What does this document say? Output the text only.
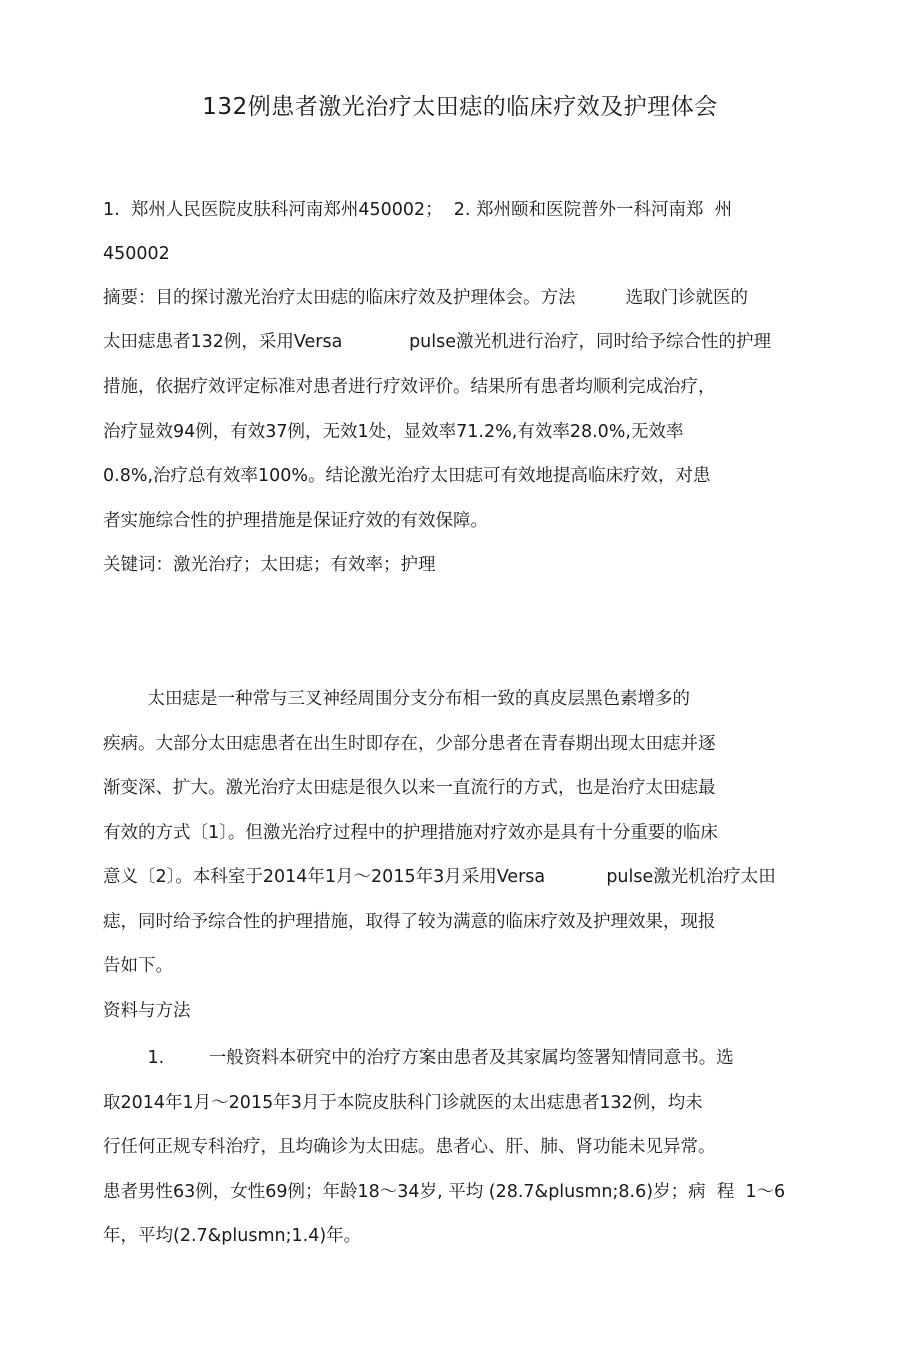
132例患者激光治疗太田痣的临床疗效及护理体会
1.  郑州人民医院皮肤科河南郑州450002；  2. 郑州颐和医院普外一科河南郑  州
450002
摘要：目的探讨激光治疗太田痣的临床疗效及护理体会。方法         选取门诊就医的
太田痣患者132例，采用Versa            pulse激光机进行治疗，同时给予综合性的护理
措施，依据疗效评定标准对患者进行疗效评价。结果所有患者均顺利完成治疗，
治疗显效94例，有效37例，无效1处，显效率71.2%,有效率28.0%,无效率
0.8%,治疗总有效率100%。结论激光治疗太田痣可有效地提高临床疗效，对患
者实施综合性的护理措施是保证疗效的有效保障。
关键词：激光治疗；太田痣；有效率；护理
太田痣是一种常与三叉神经周围分支分布相一致的真皮层黑色素增多的
疾病。大部分太田痣患者在出生时即存在，少部分患者在青春期出现太田痣并逐
渐变深、扩大。激光治疗太田痣是很久以来一直流行的方式，也是治疗太田痣最
有效的方式〔1〕。但激光治疗过程中的护理措施对疗效亦是具有十分重要的临床
意义〔2〕。本科室于2014年1月〜2015年3月采用Versa           pulse激光机治疗太田
痣，同时给予综合性的护理措施，取得了较为满意的临床疗效及护理效果，现报
告如下。
资料与方法
1.        一般资料本研究中的治疗方案由患者及其家属均签署知情同意书。选
取2014年1月〜2015年3月于本院皮肤科门诊就医的太出痣患者132例，均未
行任何正规专科治疗，且均确诊为太田痣。患者心、肝、肺、肾功能未见异常。
患者男性63例，女性69例；年龄18〜34岁, 平均 (28.7&plusmn;8.6)岁；病  程  1〜6
年，平均(2.7&plusmn;1.4)年。
